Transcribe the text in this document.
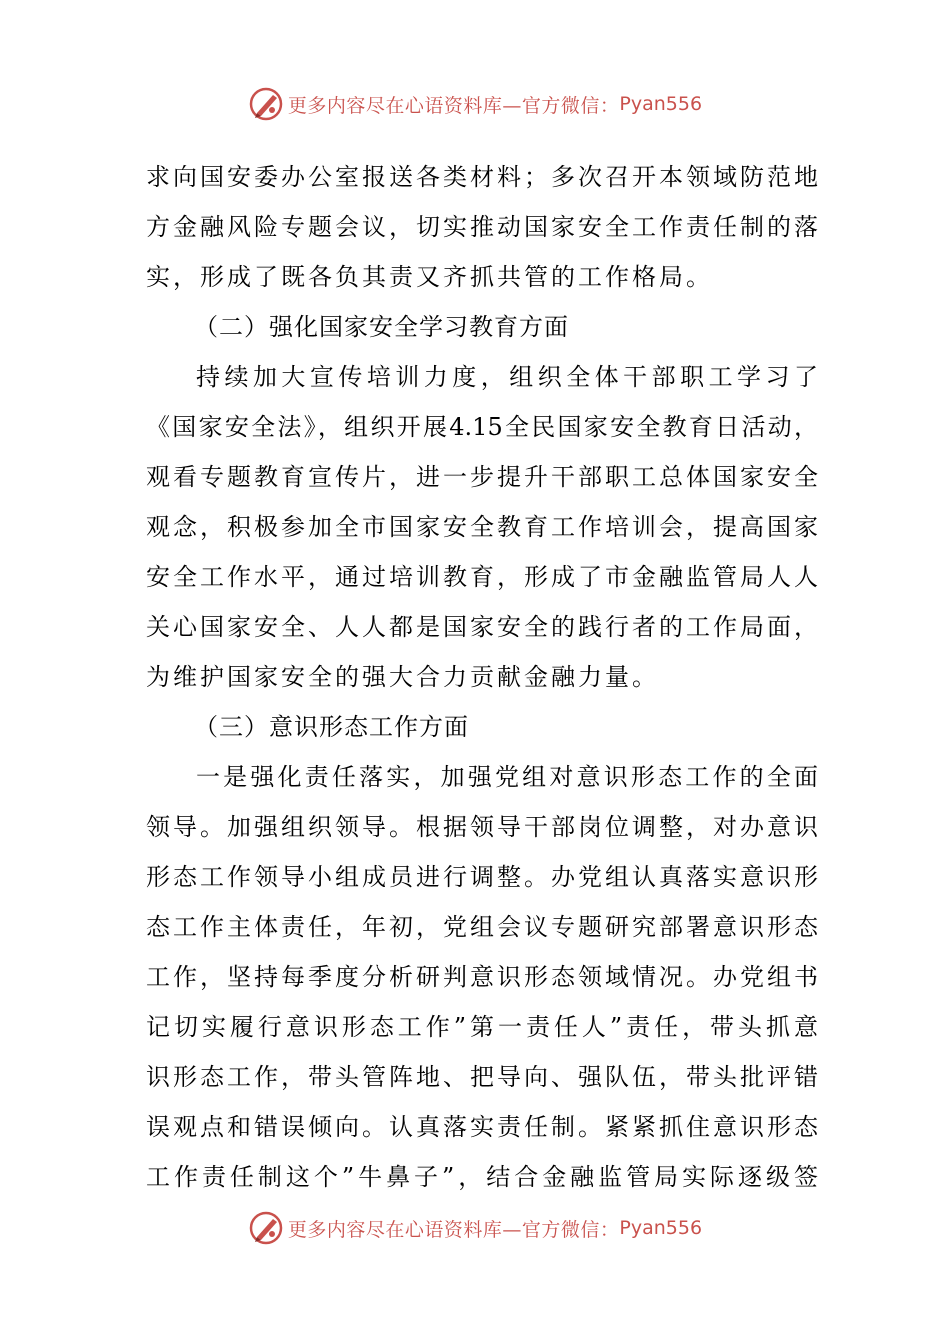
更多内容尽在心语资料库—官方微信： Pyan556
求向国安委办公室报送各类材料；多次召开本领域防范地
方金融风险专题会议，切实推动国家安全工作责任制的落
实，形成了既各负其责又齐抓共管的工作格局。
（二）强化国家安全学习教育方面
持续加大宣传培训力度，组织全体干部职工学习了
《国家安全法》，组织开展4.15全民国家安全教育日活动，
观看专题教育宣传片，进一步提升干部职工总体国家安全
观念，积极参加全市国家安全教育工作培训会，提高国家
安全工作水平，通过培训教育，形成了市金融监管局人人
关心国家安全、人人都是国家安全的践行者的工作局面，
为维护国家安全的强大合力贡献金融力量。
（三）意识形态工作方面
一是强化责任落实，加强党组对意识形态工作的全面
领导。加强组织领导。根据领导干部岗位调整，对办意识
形态工作领导小组成员进行调整。办党组认真落实意识形
态工作主体责任，年初，党组会议专题研究部署意识形态
工作，坚持每季度分析研判意识形态领域情况。办党组书
记切实履行意识形态工作”第一责任人”责任，带头抓意
识形态工作，带头管阵地、把导向、强队伍，带头批评错
误观点和错误倾向。认真落实责任制。紧紧抓住意识形态
工作责任制这个”牛鼻子”，结合金融监管局实际逐级签
更多内容尽在心语资料库—官方微信： Pyan556
